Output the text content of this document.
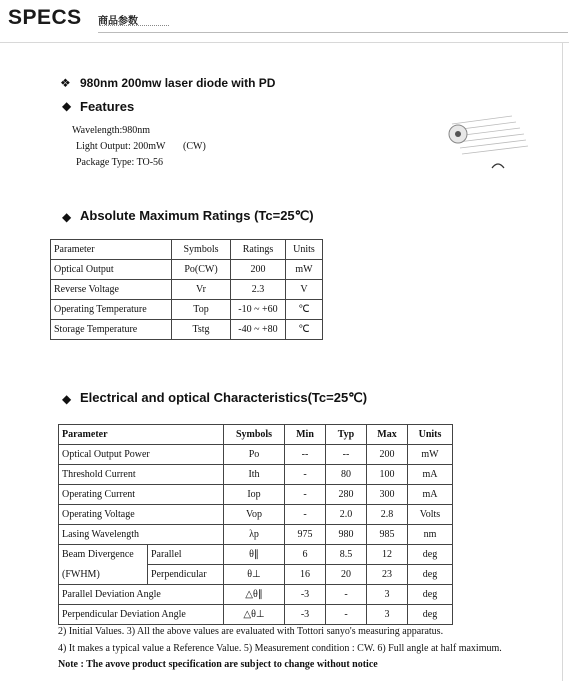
SPECS 商品参数
❖ 980nm 200mw laser diode with PD
◆ Features
Wavelength:980nm
Light Output: 200mW (CW)
Package Type: TO-56
◆ Absolute Maximum Ratings (Tc=25℃)
Parameter	Symbols	Ratings	Units
Optical Output	Po(CW)	200	mW
Reverse Voltage	Vr	2.3	V
Operating Temperature	Top	-10 ~ +60	℃
Storage Temperature	Tstg	-40 ~ +80	℃
◆ Electrical and optical Characteristics(Tc=25℃)
Parameter		Symbols	Min	Typ	Max	Units
Optical Output Power		Po	--	--	200	mW
Threshold Current		Ith	-	80	100	mA
Operating Current		Iop	-	280	300	mA
Operating Voltage		Vop	-	2.0	2.8	Volts
Lasing Wavelength		λp	975	980	985	nm
Beam Divergence	Parallel	θ∥	6	8.5	12	deg
(FWHM)	Perpendicular	θ⊥	16	20	23	deg
Parallel Deviation Angle		△θ∥	-3	-	3	deg
Perpendicular Deviation Angle		△θ⊥	-3	-	3	deg
2) Initial Values. 3) All the above values are evaluated with Tottori sanyo's measuring apparatus.
4) It makes a typical value a Reference Value. 5) Measurement condition : CW. 6) Full angle at half maximum.
Note : The avove product specification are subject to change without notice
